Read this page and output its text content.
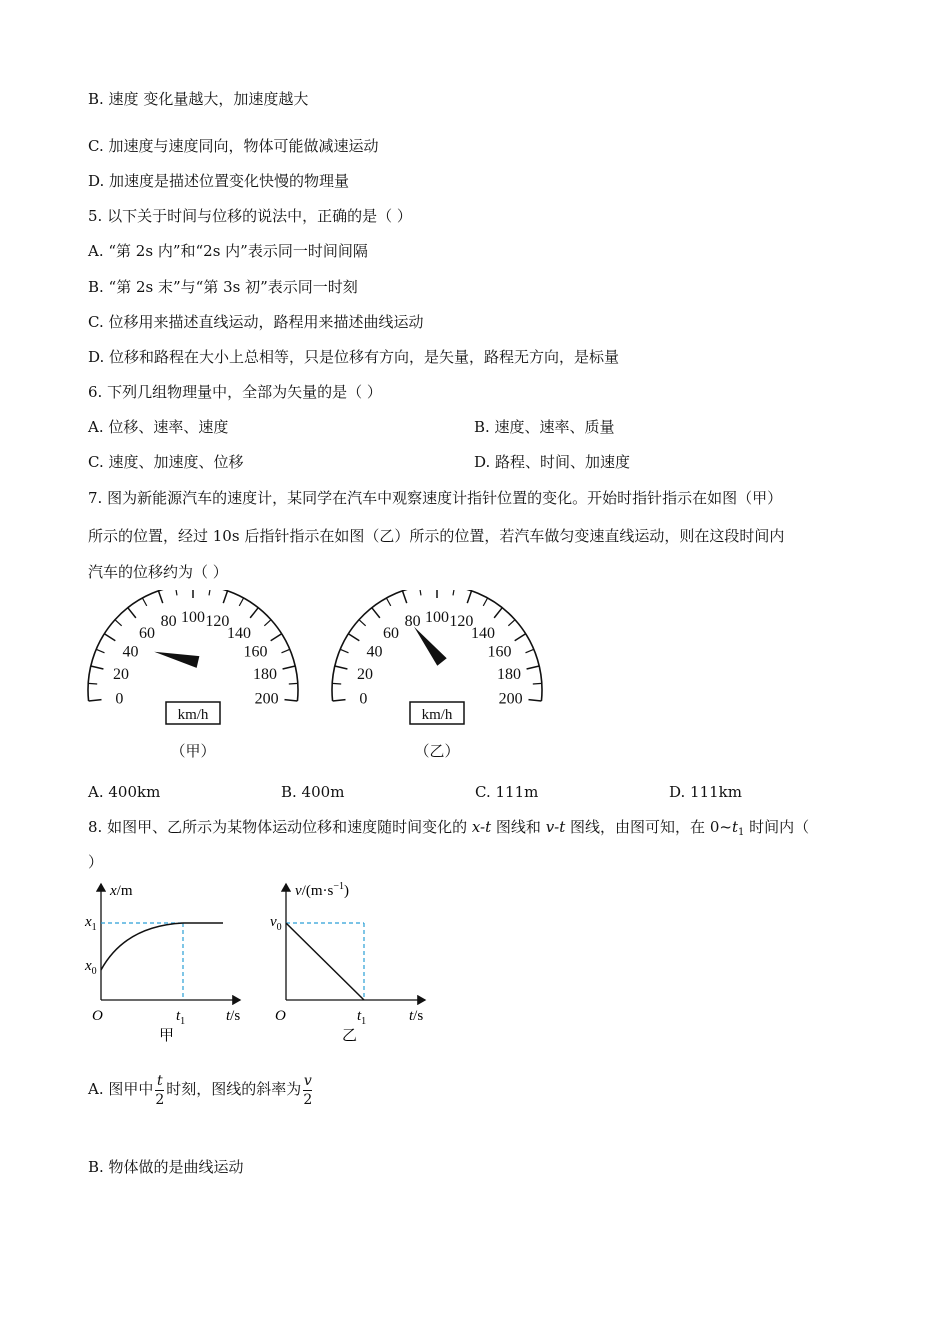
B. 速度 变化量越大，加速度越大
C. 加速度与速度同向，物体可能做减速运动
D. 加速度是描述位置变化快慢的物理量
5. 以下关于时间与位移的说法中，正确的是（ ）
A. “第 2s 内”和“2s 内”表示同一时间间隔
B. “第 2s 末”与“第 3s 初”表示同一时刻
C. 位移用来描述直线运动，路程用来描述曲线运动
D. 位移和路程在大小上总相等，只是位移有方向，是矢量，路程无方向，是标量
6. 下列几组物理量中，全部为矢量的是（ ）
A. 位移、速率、速度	B. 速度、速率、质量
C. 速度、加速度、位移	D. 路程、时间、加速度
7. 图为新能源汽车的速度计，某同学在汽车中观察速度计指针位置的变化。开始时指针指示在如图（甲）
所示的位置，经过 10s 后指针指示在如图（乙）所示的位置，若汽车做匀变速直线运动，则在这段时间内
汽车的位移约为（ ）
0
20
40
60
80 100 120
140
160
180
200
km/h
（甲）
0
20
40
60
80 100 120
140
160
180
200
km/h
（乙）
A. 400km	B. 400m	C. 111m	D. 111km
8. 如图甲、乙所示为某物体运动位移和速度随时间变化的 x-t 图线和 v-t 图线，由图可知，在 $0\sim t_1$ 时间内（
）
x/m
$x_1$
$x_0$
O	$t_1$	t/s
甲
$v/(m\cdot s^{-1})$
$v_0$
O	$t_1$	t/s
乙
A. 图甲中 $\frac{t}{2}$ 时刻，图线的斜率为 $\frac{v}{2}$
B. 物体做的是曲线运动
